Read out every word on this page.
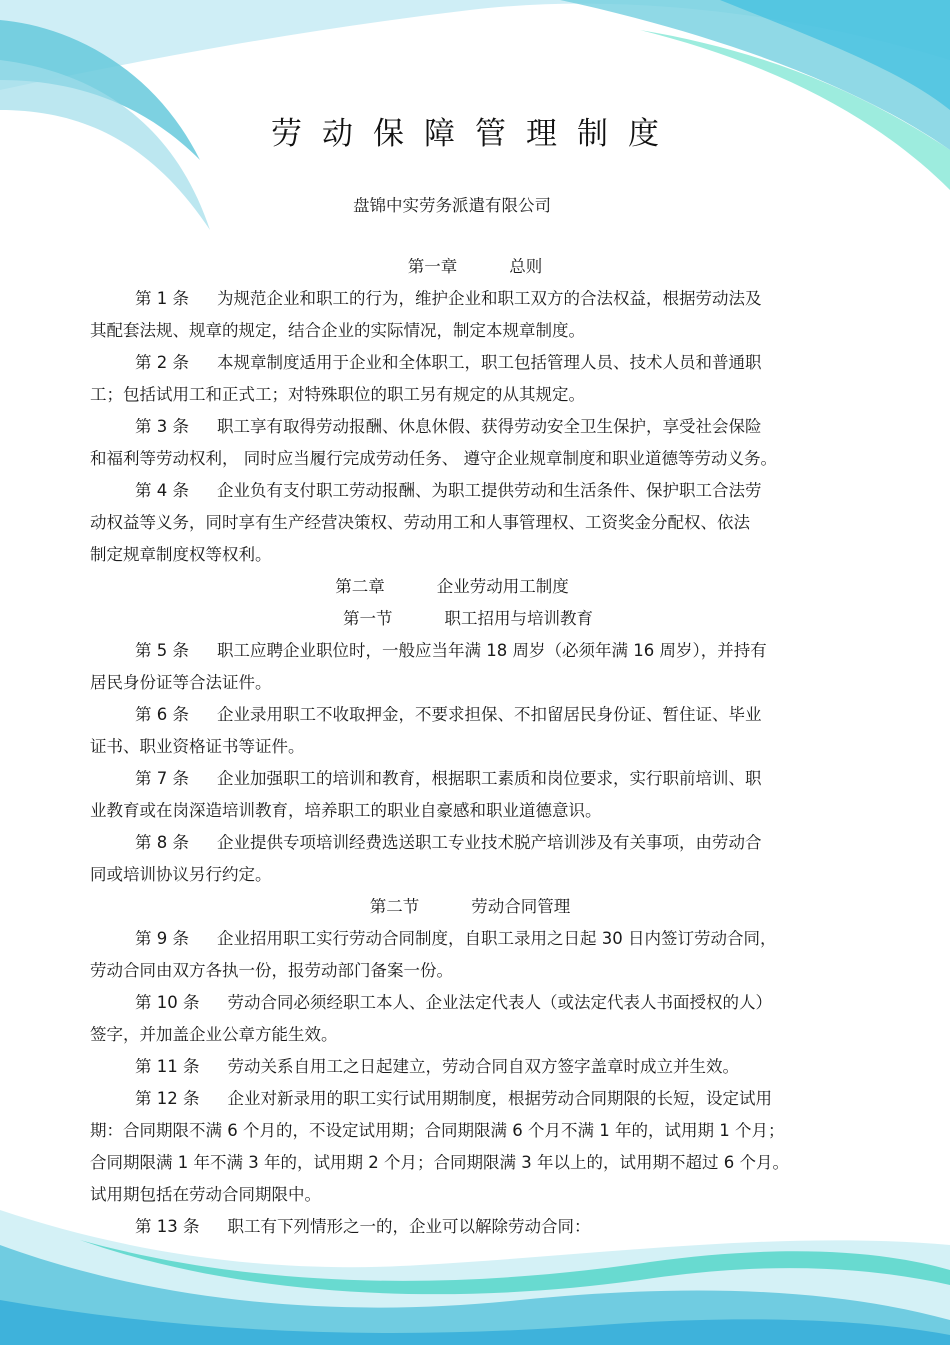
劳动保障管理制度
盘锦中实劳务派遣有限公司
第一章	总则
第 1 条 为规范企业和职工的行为，维护企业和职工双方的合法权益，根据劳动法及
其配套法规、规章的规定，结合企业的实际情况，制定本规章制度。
第 2 条 本规章制度适用于企业和全体职工，职工包括管理人员、技术人员和普通职
工；包括试用工和正式工；对特殊职位的职工另有规定的从其规定。
第 3 条 职工享有取得劳动报酬、休息休假、获得劳动安全卫生保护，享受社会保险
和福利等劳动权利， 同时应当履行完成劳动任务、 遵守企业规章制度和职业道德等劳动义务。
第 4 条 企业负有支付职工劳动报酬、为职工提供劳动和生活条件、保护职工合法劳
动权益等义务，同时享有生产经营决策权、劳动用工和人事管理权、工资奖金分配权、依法
制定规章制度权等权利。
第二章	企业劳动用工制度
第一节	职工招用与培训教育
第 5 条 职工应聘企业职位时，一般应当年满 18 周岁（必须年满 16 周岁），并持有
居民身份证等合法证件。
第 6 条 企业录用职工不收取押金，不要求担保、不扣留居民身份证、暂住证、毕业
证书、职业资格证书等证件。
第 7 条 企业加强职工的培训和教育，根据职工素质和岗位要求，实行职前培训、职
业教育或在岗深造培训教育，培养职工的职业自豪感和职业道德意识。
第 8 条 企业提供专项培训经费选送职工专业技术脱产培训涉及有关事项，由劳动合
同或培训协议另行约定。
第二节	劳动合同管理
第 9 条 企业招用职工实行劳动合同制度，自职工录用之日起 30 日内签订劳动合同，
劳动合同由双方各执一份，报劳动部门备案一份。
第 10 条 劳动合同必须经职工本人、企业法定代表人（或法定代表人书面授权的人）
签字，并加盖企业公章方能生效。
第 11 条 劳动关系自用工之日起建立，劳动合同自双方签字盖章时成立并生效。
第 12 条 企业对新录用的职工实行试用期制度，根据劳动合同期限的长短，设定试用
期：合同期限不满 6 个月的，不设定试用期；合同期限满 6 个月不满 1 年的，试用期 1 个月；
合同期限满 1 年不满 3 年的，试用期 2 个月；合同期限满 3 年以上的，试用期不超过 6 个月。
试用期包括在劳动合同期限中。
第 13 条 职工有下列情形之一的，企业可以解除劳动合同：
